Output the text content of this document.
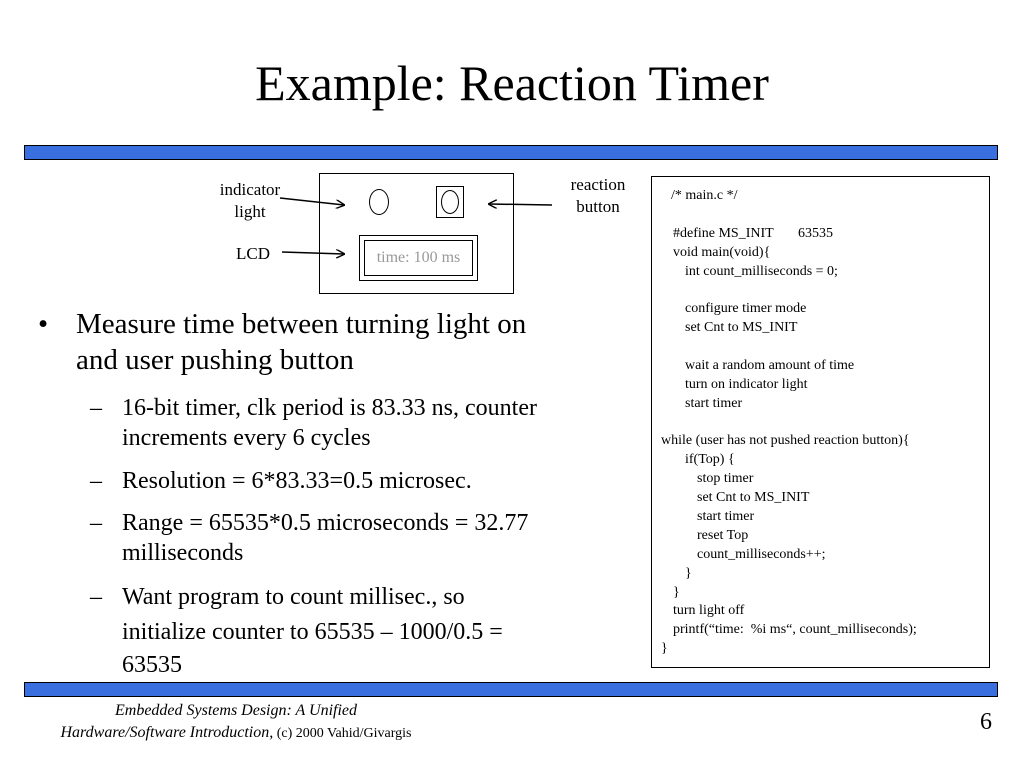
Example: Reaction Timer
indicator
light
LCD
reaction
button
time: 100 ms
/* main.c */
#define MS_INIT       63535
void main(void){
int count_milliseconds = 0;
configure timer mode
set Cnt to MS_INIT
wait a random amount of time
turn on indicator light
start timer
while (user has not pushed reaction button){
if(Top) {
stop timer
set Cnt to MS_INIT
start timer
reset Top
count_milliseconds++;
}
}
turn light off
printf(“time:  %i ms“, count_milliseconds);
}
• Measure time between turning light on
and user pushing button
– 16-bit timer, clk period is 83.33 ns, counter
increments every 6 cycles
– Resolution = 6*83.33=0.5 microsec.
– Range = 65535*0.5 microseconds = 32.77
milliseconds
– Want program to count millisec., so
initialize counter to 65535 – 1000/0.5 =
63535
Embedded Systems Design: A Unified
Hardware/Software Introduction, (c) 2000 Vahid/Givargis	6
